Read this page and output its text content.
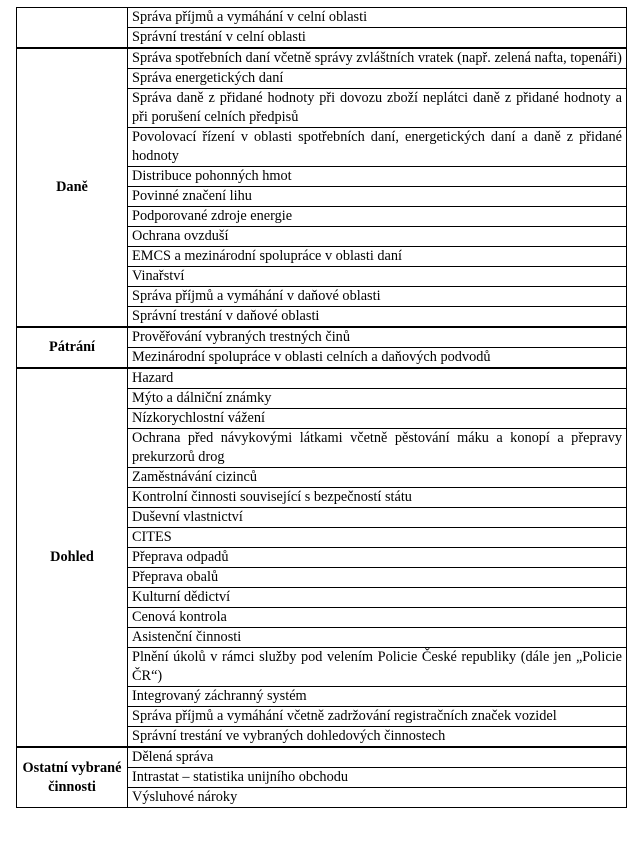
	Správa příjmů a vymáhání v celní oblasti
	Správní trestání v celní oblasti
Daně	Správa spotřebních daní včetně správy zvláštních vratek (např. zelená nafta, topenáři)
	Správa energetických daní
	Správa daně z přidané hodnoty při dovozu zboží neplátci daně z přidané hodnoty a při porušení celních předpisů
	Povolovací řízení v oblasti spotřebních daní, energetických daní a daně z přidané hodnoty
	Distribuce pohonných hmot
	Povinné značení lihu
	Podporované zdroje energie
	Ochrana ovzduší
	EMCS a mezinárodní spolupráce v oblasti daní
	Vinařství
	Správa příjmů a vymáhání v daňové oblasti
	Správní trestání v daňové oblasti
Pátrání	Prověřování vybraných trestných činů
	Mezinárodní spolupráce v oblasti celních a daňových podvodů
Dohled	Hazard
	Mýto a dálniční známky
	Nízkorychlostní vážení
	Ochrana před návykovými látkami včetně pěstování máku a konopí a přepravy prekurzorů drog
	Zaměstnávání cizinců
	Kontrolní činnosti související s bezpečností státu
	Duševní vlastnictví
	CITES
	Přeprava odpadů
	Přeprava obalů
	Kulturní dědictví
	Cenová kontrola
	Asistenční činnosti
	Plnění úkolů v rámci služby pod velením Policie České republiky (dále jen „Policie ČR“)
	Integrovaný záchranný systém
	Správa příjmů a vymáhání včetně zadržování registračních značek vozidel
	Správní trestání ve vybraných dohledových činnostech
Ostatní vybrané činnosti	Dělená správa
	Intrastat – statistika unijního obchodu
	Výsluhové nároky
